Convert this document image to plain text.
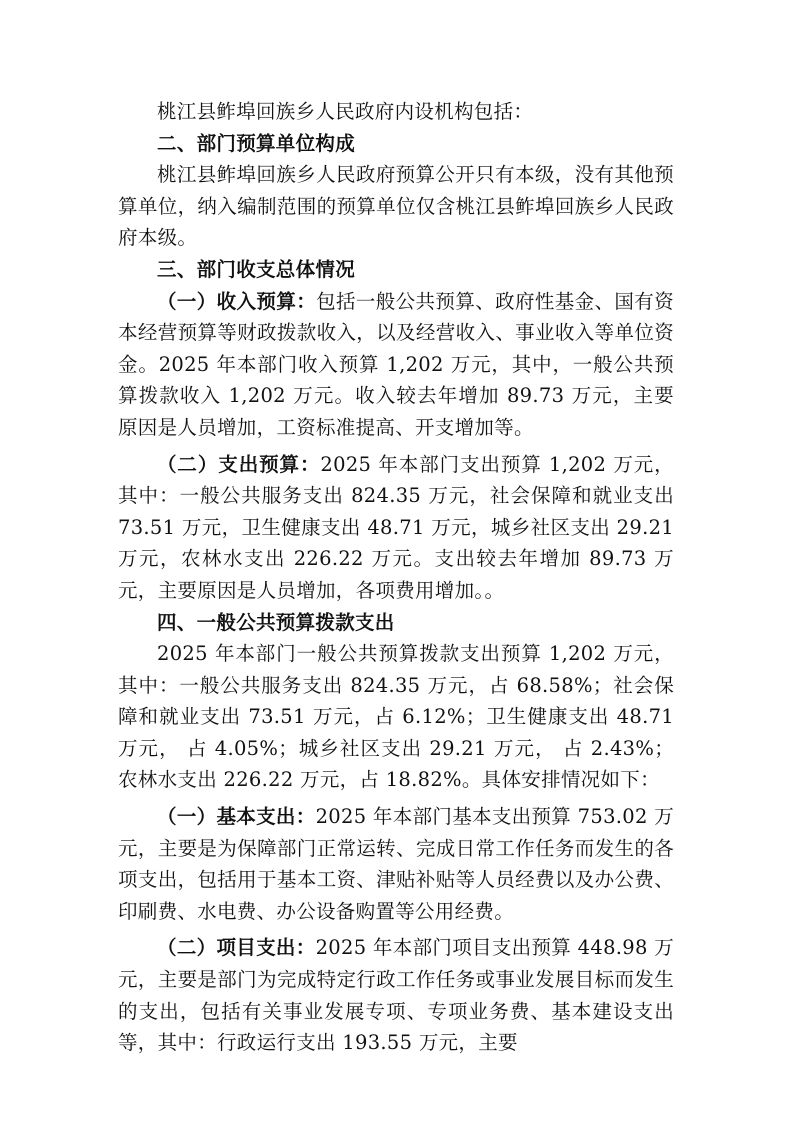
桃江县鲊埠回族乡人民政府内设机构包括：

二、部门预算单位构成

桃江县鲊埠回族乡人民政府预算公开只有本级，没有其他预算单位，纳入编制范围的预算单位仅含桃江县鲊埠回族乡人民政府本级。

三、部门收支总体情况

（一）收入预算：包括一般公共预算、政府性基金、国有资本经营预算等财政拨款收入，以及经营收入、事业收入等单位资金。2025 年本部门收入预算 1,202 万元，其中，一般公共预算拨款收入 1,202 万元。收入较去年增加 89.73 万元，主要原因是人员增加，工资标准提高、开支增加等。

（二）支出预算：2025 年本部门支出预算 1,202 万元，其中：一般公共服务支出 824.35 万元，社会保障和就业支出 73.51 万元，卫生健康支出 48.71 万元，城乡社区支出 29.21 万元，农林水支出 226.22 万元。支出较去年增加 89.73 万元，主要原因是人员增加，各项费用增加。。

四、一般公共预算拨款支出

2025 年本部门一般公共预算拨款支出预算 1,202 万元，其中：一般公共服务支出 824.35 万元，占 68.58%；社会保障和就业支出 73.51 万元，占 6.12%；卫生健康支出 48.71 万元， 占 4.05%；城乡社区支出 29.21 万元， 占 2.43%；农林水支出 226.22 万元，占 18.82%。具体安排情况如下：

（一）基本支出：2025 年本部门基本支出预算 753.02 万元，主要是为保障部门正常运转、完成日常工作任务而发生的各项支出，包括用于基本工资、津贴补贴等人员经费以及办公费、印刷费、水电费、办公设备购置等公用经费。

（二）项目支出：2025 年本部门项目支出预算 448.98 万元，主要是部门为完成特定行政工作任务或事业发展目标而发生的支出，包括有关事业发展专项、专项业务费、基本建设支出等，其中：行政运行支出 193.55 万元，主要
